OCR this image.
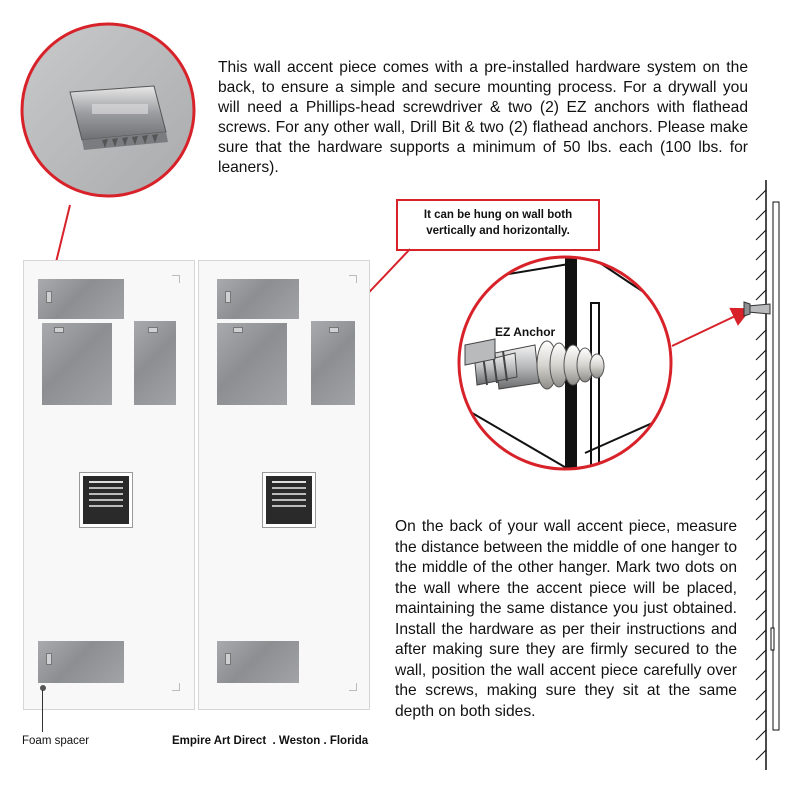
This wall accent piece comes with a pre-installed hardware system on the back, to ensure a simple and secure mounting process. For a drywall you will need a Phillips-head screwdriver & two (2) EZ anchors with flathead screws. For any other wall, Drill Bit & two (2) flathead anchors. Please make sure that the hardware supports a minimum of 50 lbs. each (100 lbs. for leaners).
It can be hung on wall both vertically and horizontally.
EZ Anchor
On the back of your wall accent piece, measure the distance between the middle of one hanger to the middle of the other hanger. Mark two dots on the wall where the accent piece will be placed, maintaining the same distance you just obtained. Install the hardware as per their instructions and after making sure they are firmly secured to the wall, position the wall accent piece carefully over the screws, making sure they sit at the same depth on both sides.
Foam spacer	Empire Art Direct  . Weston . Florida
